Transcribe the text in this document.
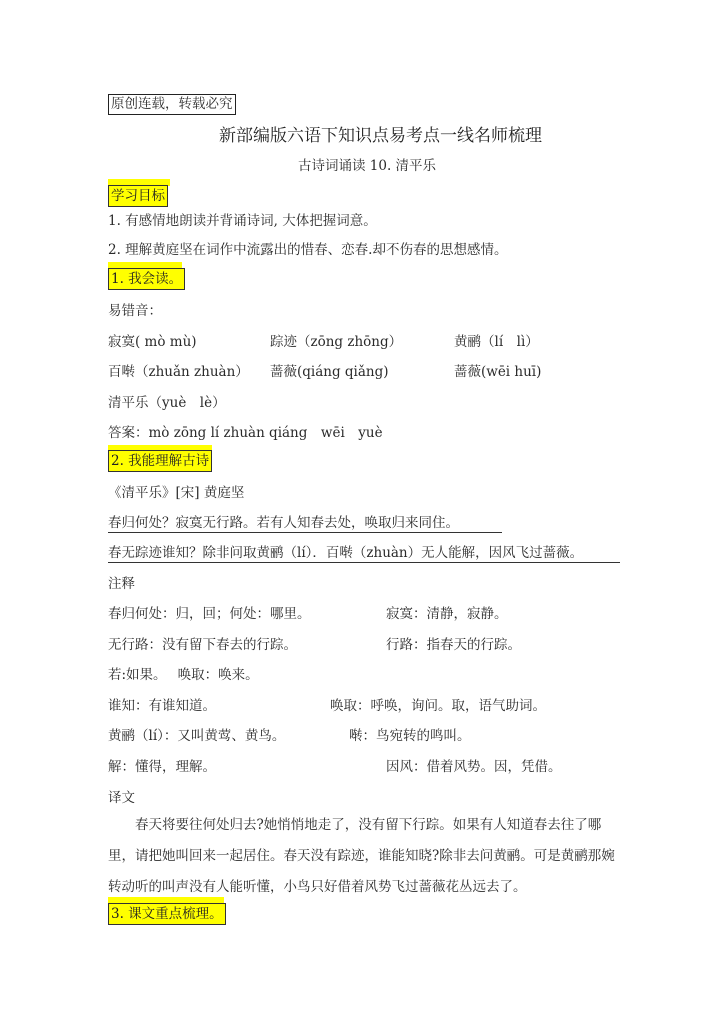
原创连载，转载必究
新部编版六语下知识点易考点一线名师梳理
古诗词诵读 10. 清平乐
学习目标
1. 有感情地朗读并背诵诗词, 大体把握词意。
2. 理解黄庭坚在词作中流露出的惜春、恋春.却不伤春的思想感情。
1. 我会读。
易错音：
寂寞( mò mù)	踪迹（zōng zhōng）	黄鹂（lí　lì）
百啭（zhuǎn zhuàn） 蔷薇(qiáng qiǎng)	蔷薇(wēi huī)
清平乐（yuè　lè）
答案：mò zōng lí zhuàn qiáng　wēi　yuè
2. 我能理解古诗
《清平乐》[宋] 黄庭坚
春归何处？寂寞无行路。若有人知春去处，唤取归来同住。
春无踪迹谁知？除非问取黄鹂（lí）．百啭（zhuàn）无人能解，因风飞过蔷薇。
注释
春归何处：归，回；何处：哪里。	寂寞：清静，寂静。
无行路：没有留下春去的行踪。	行路：指春天的行踪。
若:如果。　 唤取：唤来。
谁知：有谁知道。	唤取：呼唤，询问。取，语气助词。
黄鹂（lí）：又叫黄莺、黄鸟。	啭：鸟宛转的鸣叫。
解：懂得，理解。	因风：借着风势。因，凭借。
译文
春天将要往何处归去?她悄悄地走了，没有留下行踪。如果有人知道春去往了哪里，请把她叫回来一起居住。春天没有踪迹，谁能知晓?除非去问黄鹂。可是黄鹂那婉转动听的叫声没有人能听懂，小鸟只好借着风势飞过蔷薇花丛远去了。
3. 课文重点梳理。
